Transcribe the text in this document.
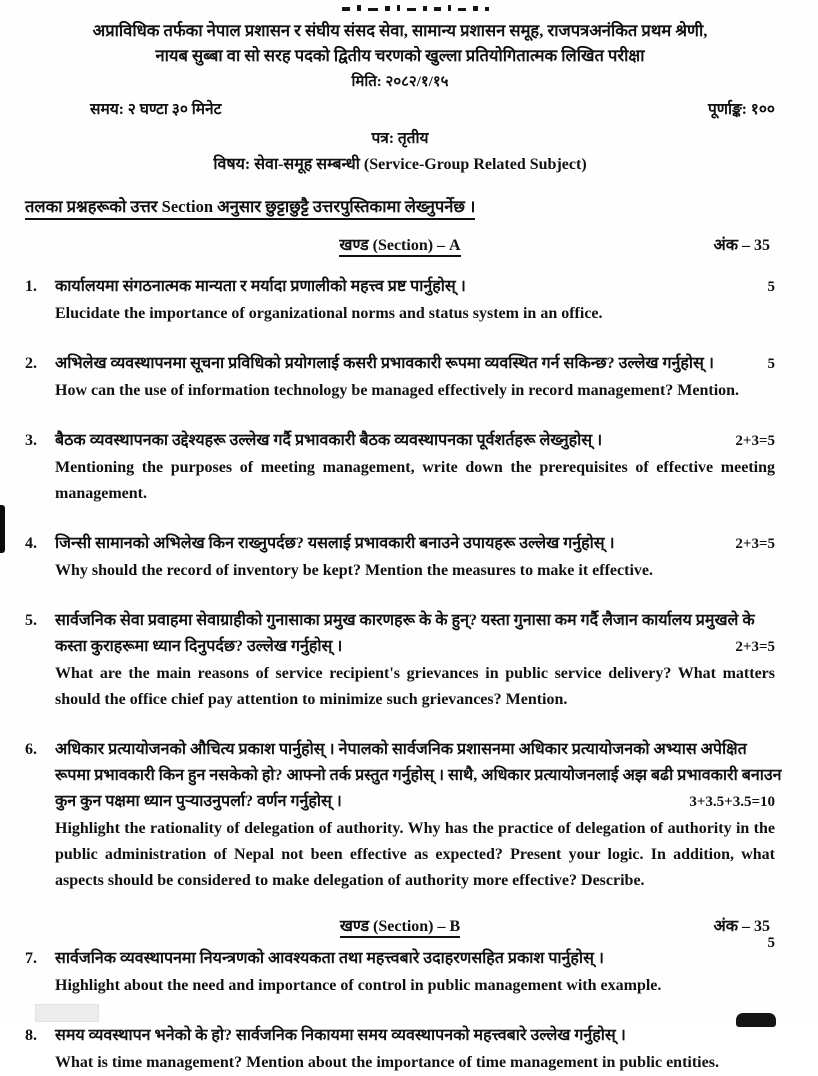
अप्राविधिक तर्फका नेपाल प्रशासन र संघीय संसद सेवा, सामान्य प्रशासन समूह, राजपत्रअनंकित प्रथम श्रेणी,
नायब सुब्बा वा सो सरह पदको द्वितीय चरणको खुल्ला प्रतियोगितात्मक लिखित परीक्षा
मिति: २०८२/१/१५
समय: २ घण्टा ३० मिनेट	पूर्णाङ्क: १००
पत्र: तृतीय
विषय: सेवा-समूह सम्बन्धी (Service-Group Related Subject)
तलका प्रश्नहरूको उत्तर Section अनुसार छुट्टाछुट्टै उत्तरपुस्तिकामा लेख्नुपर्नेछ ।
खण्ड (Section) – A	अंक – 35
1.	कार्यालयमा संगठनात्मक मान्यता र मर्यादा प्रणालीको महत्त्व प्रष्ट पार्नुहोस् ।	5
Elucidate the importance of organizational norms and status system in an office.
2.	अभिलेख व्यवस्थापनमा सूचना प्रविधिको प्रयोगलाई कसरी प्रभावकारी रूपमा व्यवस्थित गर्न सकिन्छ? उल्लेख गर्नुहोस् ।	5
How can the use of information technology be managed effectively in record management? Mention.
3.	बैठक व्यवस्थापनका उद्देश्यहरू उल्लेख गर्दै प्रभावकारी बैठक व्यवस्थापनका पूर्वशर्तहरू लेख्नुहोस् ।	2+3=5
Mentioning the purposes of meeting management, write down the prerequisites of effective meeting management.
4.	जिन्सी सामानको अभिलेख किन राख्नुपर्दछ? यसलाई प्रभावकारी बनाउने उपायहरू उल्लेख गर्नुहोस् ।	2+3=5
Why should the record of inventory be kept? Mention the measures to make it effective.
5.	सार्वजनिक सेवा प्रवाहमा सेवाग्राहीको गुनासाका प्रमुख कारणहरू के के हुन्? यस्ता गुनासा कम गर्दै लैजान कार्यालय प्रमुखले के
कस्ता कुराहरूमा ध्यान दिनुपर्दछ? उल्लेख गर्नुहोस् ।	2+3=5
What are the main reasons of service recipient's grievances in public service delivery? What matters should the office chief pay attention to minimize such grievances? Mention.
6.	अधिकार प्रत्यायोजनको औचित्य प्रकाश पार्नुहोस् । नेपालको सार्वजनिक प्रशासनमा अधिकार प्रत्यायोजनको अभ्यास अपेक्षित
रूपमा प्रभावकारी किन हुन नसकेको हो? आफ्नो तर्क प्रस्तुत गर्नुहोस् । साथै, अधिकार प्रत्यायोजनलाई अझ बढी प्रभावकारी बनाउन
कुन कुन पक्षमा ध्यान पुऱ्याउनुपर्ला? वर्णन गर्नुहोस् ।	3+3.5+3.5=10
Highlight the rationality of delegation of authority. Why has the practice of delegation of authority in the public administration of Nepal not been effective as expected? Present your logic. In addition, what aspects should be considered to make delegation of authority more effective? Describe.
खण्ड (Section) – B	अंक – 35
7.	सार्वजनिक व्यवस्थापनमा नियन्त्रणको आवश्यकता तथा महत्त्वबारे उदाहरणसहित प्रकाश पार्नुहोस् ।
5
Highlight about the need and importance of control in public management with example.
8.	समय व्यवस्थापन भनेको के हो? सार्वजनिक निकायमा समय व्यवस्थापनको महत्त्वबारे उल्लेख गर्नुहोस् ।
What is time management? Mention about the importance of time management in public entities.
